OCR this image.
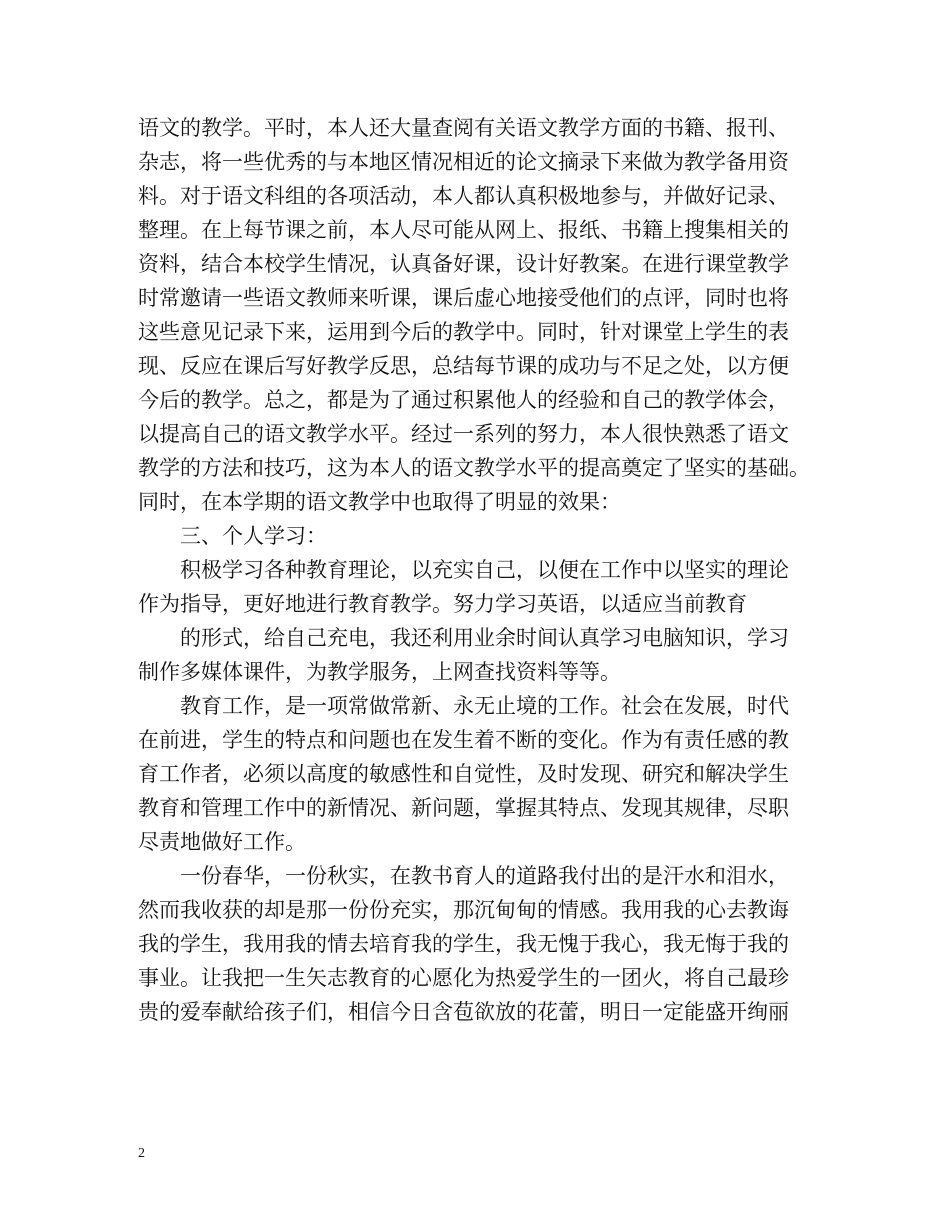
语文的教学。平时，本人还大量查阅有关语文教学方面的书籍、报刊、
杂志，将一些优秀的与本地区情况相近的论文摘录下来做为教学备用资
料。对于语文科组的各项活动，本人都认真积极地参与，并做好记录、
整理。在上每节课之前，本人尽可能从网上、报纸、书籍上搜集相关的
资料，结合本校学生情况，认真备好课，设计好教案。在进行课堂教学
时常邀请一些语文教师来听课，课后虚心地接受他们的点评，同时也将
这些意见记录下来，运用到今后的教学中。同时，针对课堂上学生的表
现、反应在课后写好教学反思，总结每节课的成功与不足之处，以方便
今后的教学。总之，都是为了通过积累他人的经验和自己的教学体会，
以提高自己的语文教学水平。经过一系列的努力，本人很快熟悉了语文
教学的方法和技巧，这为本人的语文教学水平的提高奠定了坚实的基础。
同时，在本学期的语文教学中也取得了明显的效果：
三、个人学习：
积极学习各种教育理论，以充实自己，以便在工作中以坚实的理论
作为指导，更好地进行教育教学。努力学习英语，以适应当前教育
的形式，给自己充电，我还利用业余时间认真学习电脑知识，学习
制作多媒体课件，为教学服务，上网查找资料等等。
教育工作，是一项常做常新、永无止境的工作。社会在发展，时代
在前进，学生的特点和问题也在发生着不断的变化。作为有责任感的教
育工作者，必须以高度的敏感性和自觉性，及时发现、研究和解决学生
教育和管理工作中的新情况、新问题，掌握其特点、发现其规律，尽职
尽责地做好工作。
一份春华，一份秋实，在教书育人的道路我付出的是汗水和泪水，
然而我收获的却是那一份份充实，那沉甸甸的情感。我用我的心去教诲
我的学生，我用我的情去培育我的学生，我无愧于我心，我无悔于我的
事业。让我把一生矢志教育的心愿化为热爱学生的一团火，将自己最珍
贵的爱奉献给孩子们，相信今日含苞欲放的花蕾，明日一定能盛开绚丽
2
